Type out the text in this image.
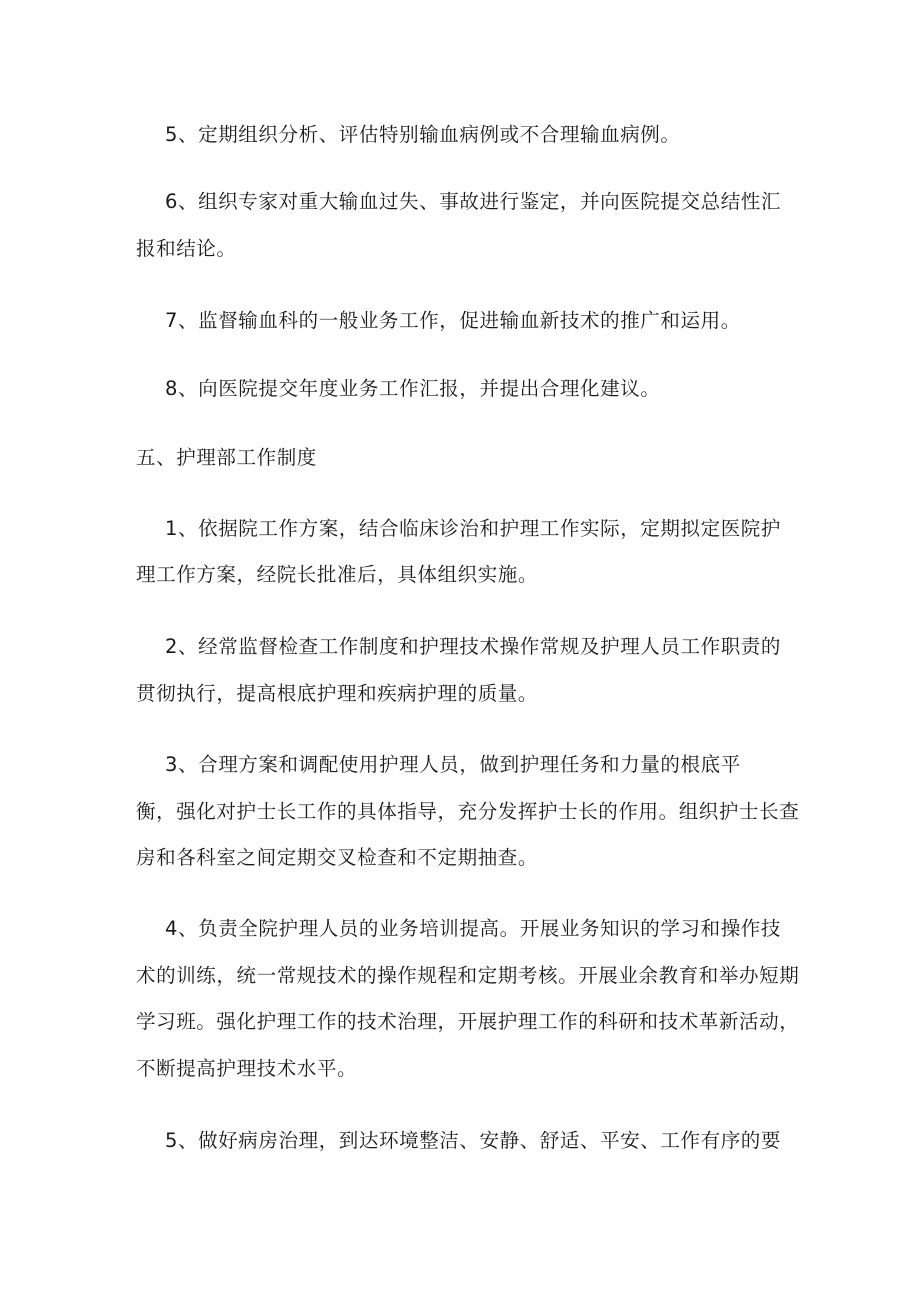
5、定期组织分析、评估特别输血病例或不合理输血病例。
6、组织专家对重大输血过失、事故进行鉴定，并向医院提交总结性汇
报和结论。
7、监督输血科的一般业务工作，促进输血新技术的推广和运用。
8、向医院提交年度业务工作汇报，并提出合理化建议。
五、护理部工作制度
1、依据院工作方案，结合临床诊治和护理工作实际，定期拟定医院护
理工作方案，经院长批准后，具体组织实施。
2、经常监督检查工作制度和护理技术操作常规及护理人员工作职责的
贯彻执行，提高根底护理和疾病护理的质量。
3、合理方案和调配使用护理人员，做到护理任务和力量的根底平
衡，强化对护士长工作的具体指导，充分发挥护士长的作用。组织护士长查
房和各科室之间定期交叉检查和不定期抽查。
4、负责全院护理人员的业务培训提高。开展业务知识的学习和操作技
术的训练，统一常规技术的操作规程和定期考核。开展业余教育和举办短期
学习班。强化护理工作的技术治理，开展护理工作的科研和技术革新活动，
不断提高护理技术水平。
5、做好病房治理，到达环境整洁、安静、舒适、平安、工作有序的要
